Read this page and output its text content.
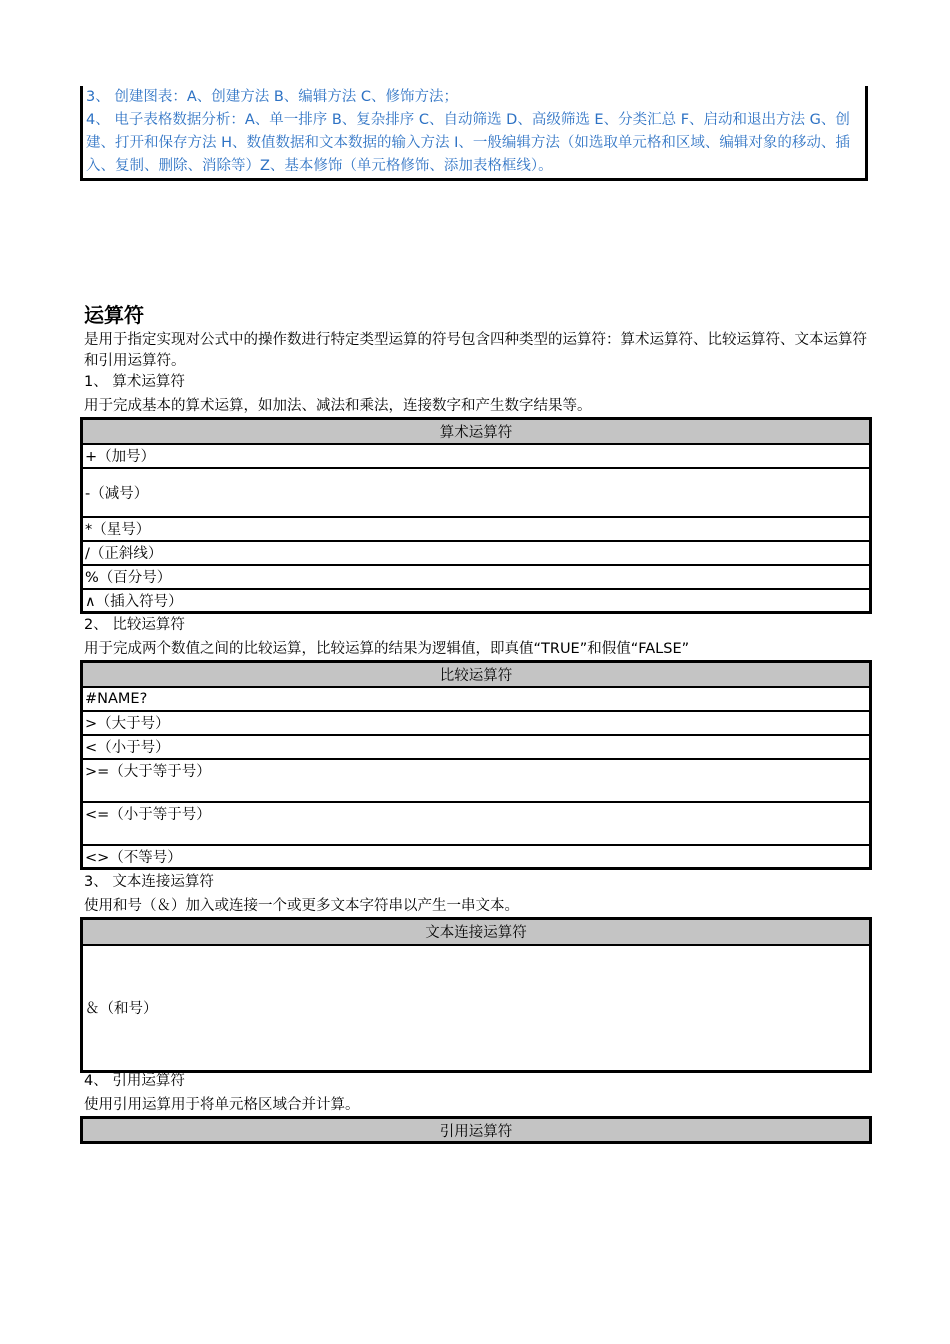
3、 创建图表：A、创建方法 B、编辑方法 C、修饰方法；

4、 电子表格数据分析：A、单一排序 B、复杂排序 C、自动筛选 D、高级筛选 E、分类汇总 F、启动和退出方法 G、创建、打开和保存方法 H、数值数据和文本数据的输入方法 I、一般编辑方法（如选取单元格和区域、编辑对象的移动、插入、复制、删除、消除等）Z、基本修饰（单元格修饰、添加表格框线）。

运算符
是用于指定实现对公式中的操作数进行特定类型运算的符号包含四种类型的运算符：算术运算符、比较运算符、文本运算符和引用运算符。
1、 算术运算符
用于完成基本的算术运算，如加法、减法和乘法，连接数字和产生数字结果等。
算术运算符
+（加号）
-（减号）
*（星号）
/（正斜线）
%（百分号）
∧（插入符号）
2、 比较运算符
用于完成两个数值之间的比较运算，比较运算的结果为逻辑值，即真值“TRUE”和假值“FALSE”
比较运算符
#NAME?
>（大于号）
<（小于号）
>=（大于等于号）
<=（小于等于号）
<>（不等号）
3、 文本连接运算符
使用和号（＆）加入或连接一个或更多文本字符串以产生一串文本。
文本连接运算符
＆（和号）
4、 引用运算符
使用引用运算用于将单元格区域合并计算。
引用运算符
